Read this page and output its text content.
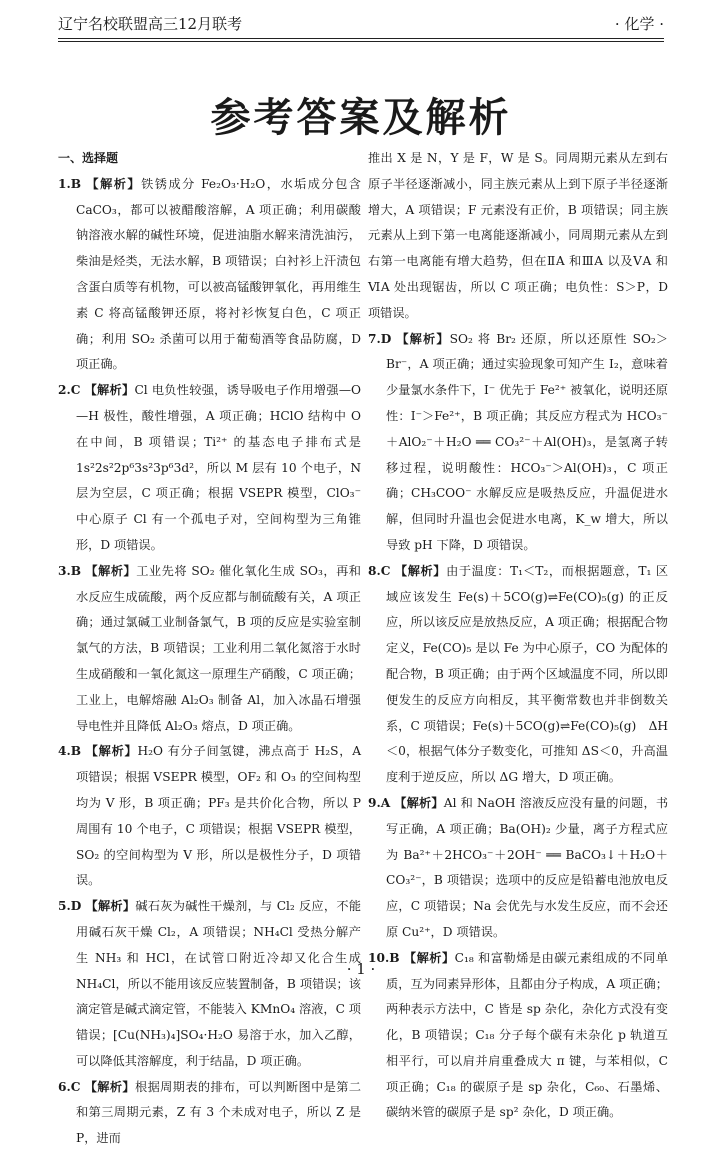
辽宁名校联盟高三12月联考	· 化学 ·
参考答案及解析

一、选择题

1.B 【解析】铁锈成分 Fe₂O₃·H₂O，水垢成分包含 CaCO₃，都可以被醋酸溶解，A 项正确；利用碳酸钠溶液水解的碱性环境，促进油脂水解来清洗油污，柴油是烃类，无法水解，B 项错误；白衬衫上汗渍包含蛋白质等有机物，可以被高锰酸钾氧化，再用维生素 C 将高锰酸钾还原，将衬衫恢复白色，C 项正确；利用 SO₂ 杀菌可以用于葡萄酒等食品防腐，D 项正确。

2.C 【解析】Cl 电负性较强，诱导吸电子作用增强—O—H 极性，酸性增强，A 项正确；HClO 结构中 O 在中间，B 项错误；Ti²⁺ 的基态电子排布式是 1s²2s²2p⁶3s²3p⁶3d²，所以 M 层有 10 个电子，N 层为空层，C 项正确；根据 VSEPR 模型，ClO₃⁻ 中心原子 Cl 有一个孤电子对，空间构型为三角锥形，D 项错误。

3.B 【解析】工业先将 SO₂ 催化氧化生成 SO₃，再和水反应生成硫酸，两个反应都与制硫酸有关，A 项正确；通过氯碱工业制备氯气，B 项的反应是实验室制氯气的方法，B 项错误；工业利用二氧化氮溶于水时生成硝酸和一氧化氮这一原理生产硝酸，C 项正确；工业上，电解熔融 Al₂O₃ 制备 Al，加入冰晶石增强导电性并且降低 Al₂O₃ 熔点，D 项正确。

4.B 【解析】H₂O 有分子间氢键，沸点高于 H₂S，A 项错误；根据 VSEPR 模型，OF₂ 和 O₃ 的空间构型均为 V 形，B 项正确；PF₃ 是共价化合物，所以 P 周围有 10 个电子，C 项错误；根据 VSEPR 模型，SO₂ 的空间构型为 V 形，所以是极性分子，D 项错误。

5.D 【解析】碱石灰为碱性干燥剂，与 Cl₂ 反应，不能用碱石灰干燥 Cl₂，A 项错误；NH₄Cl 受热分解产生 NH₃ 和 HCl，在试管口附近冷却又化合生成 NH₄Cl，所以不能用该反应装置制备，B 项错误；该滴定管是碱式滴定管，不能装入 KMnO₄ 溶液，C 项错误；[Cu(NH₃)₄]SO₄·H₂O 易溶于水，加入乙醇，可以降低其溶解度，利于结晶，D 项正确。

6.C 【解析】根据周期表的排布，可以判断图中是第二和第三周期元素，Z 有 3 个未成对电子，所以 Z 是 P，进而

推出 X 是 N，Y 是 F，W 是 S。同周期元素从左到右原子半径逐渐减小，同主族元素从上到下原子半径逐渐增大，A 项错误；F 元素没有正价，B 项错误；同主族元素从上到下第一电离能逐渐减小，同周期元素从左到右第一电离能有增大趋势，但在ⅡA 和ⅢA 以及ⅤA 和ⅥA 处出现锯齿，所以 C 项正确；电负性：S＞P，D 项错误。

7.D 【解析】SO₂ 将 Br₂ 还原，所以还原性 SO₂＞Br⁻，A 项正确；通过实验现象可知产生 I₂，意味着少量氯水条件下，I⁻ 优先于 Fe²⁺ 被氧化，说明还原性：I⁻＞Fe²⁺，B 项正确；其反应方程式为 HCO₃⁻＋AlO₂⁻＋H₂O ══ CO₃²⁻＋Al(OH)₃，是氢离子转移过程，说明酸性：HCO₃⁻＞Al(OH)₃，C 项正确；CH₃COO⁻ 水解反应是吸热反应，升温促进水解，但同时升温也会促进水电离，K_w 增大，所以导致 pH 下降，D 项错误。

8.C 【解析】由于温度：T₁＜T₂，而根据题意，T₁ 区域应该发生 Fe(s)＋5CO(g)⇌Fe(CO)₅(g) 的正反应，所以该反应是放热反应，A 项正确；根据配合物定义，Fe(CO)₅ 是以 Fe 为中心原子，CO 为配体的配合物，B 项正确；由于两个区域温度不同，所以即便发生的反应方向相反，其平衡常数也并非倒数关系，C 项错误；Fe(s)＋5CO(g)⇌Fe(CO)₅(g)　ΔH＜0，根据气体分子数变化，可推知 ΔS＜0，升高温度利于逆反应，所以 ΔG 增大，D 项正确。

9.A 【解析】Al 和 NaOH 溶液反应没有量的问题，书写正确，A 项正确；Ba(OH)₂ 少量，离子方程式应为 Ba²⁺＋2HCO₃⁻＋2OH⁻ ══ BaCO₃↓＋H₂O＋CO₃²⁻，B 项错误；选项中的反应是铅蓄电池放电反应，C 项错误；Na 会优先与水发生反应，而不会还原 Cu²⁺，D 项错误。

10.B 【解析】C₁₈ 和富勒烯是由碳元素组成的不同单质，互为同素异形体，且都由分子构成，A 项正确；两种表示方法中，C 皆是 sp 杂化，杂化方式没有变化，B 项错误；C₁₈ 分子每个碳有未杂化 p 轨道互相平行，可以肩并肩重叠成大 π 键，与苯相似，C 项正确；C₁₈ 的碳原子是 sp 杂化，C₆₀、石墨烯、碳纳米管的碳原子是 sp² 杂化，D 项正确。

· 1 ·
